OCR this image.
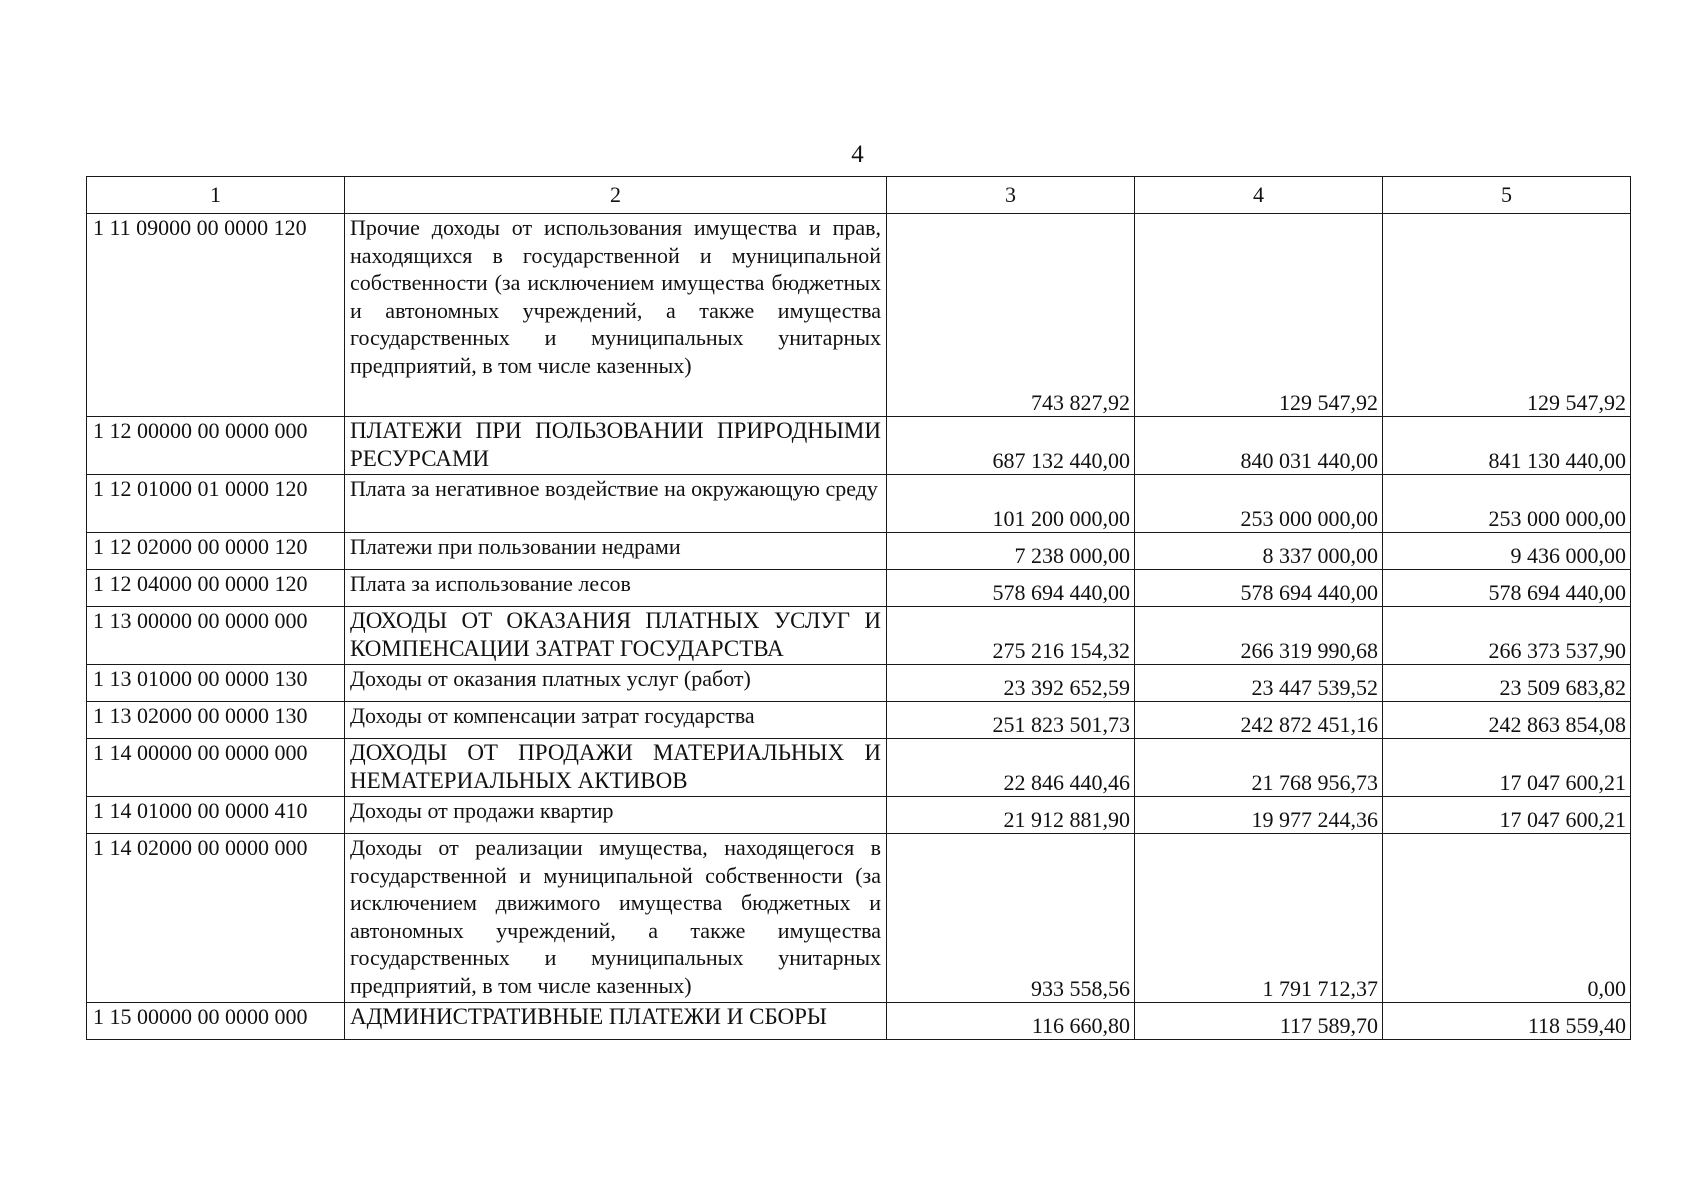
4
1	2	3	4	5
1 11 09000 00 0000 120	Прочие доходы от использования имущества и прав, находящихся в государственной и муниципальной собственности (за исключением имущества бюджетных и автономных учреждений, а также имущества государственных и муниципальных унитарных предприятий, в том числе казенных)	743 827,92	129 547,92	129 547,92
1 12 00000 00 0000 000	ПЛАТЕЖИ ПРИ ПОЛЬЗОВАНИИ ПРИРОДНЫМИ РЕСУРСАМИ	687 132 440,00	840 031 440,00	841 130 440,00
1 12 01000 01 0000 120	Плата за негативное воздействие на окружающую среду	101 200 000,00	253 000 000,00	253 000 000,00
1 12 02000 00 0000 120	Платежи при пользовании недрами	7 238 000,00	8 337 000,00	9 436 000,00
1 12 04000 00 0000 120	Плата за использование лесов	578 694 440,00	578 694 440,00	578 694 440,00
1 13 00000 00 0000 000	ДОХОДЫ ОТ ОКАЗАНИЯ ПЛАТНЫХ УСЛУГ И КОМПЕНСАЦИИ ЗАТРАТ ГОСУДАРСТВА	275 216 154,32	266 319 990,68	266 373 537,90
1 13 01000 00 0000 130	Доходы от оказания платных услуг (работ)	23 392 652,59	23 447 539,52	23 509 683,82
1 13 02000 00 0000 130	Доходы от компенсации затрат государства	251 823 501,73	242 872 451,16	242 863 854,08
1 14 00000 00 0000 000	ДОХОДЫ ОТ ПРОДАЖИ МАТЕРИАЛЬНЫХ И НЕМАТЕРИАЛЬНЫХ АКТИВОВ	22 846 440,46	21 768 956,73	17 047 600,21
1 14 01000 00 0000 410	Доходы от продажи квартир	21 912 881,90	19 977 244,36	17 047 600,21
1 14 02000 00 0000 000	Доходы от реализации имущества, находящегося в государственной и муниципальной собственности (за исключением движимого имущества бюджетных и автономных учреждений, а также имущества государственных и муниципальных унитарных предприятий, в том числе казенных)	933 558,56	1 791 712,37	0,00
1 15 00000 00 0000 000	АДМИНИСТРАТИВНЫЕ ПЛАТЕЖИ И СБОРЫ	116 660,80	117 589,70	118 559,40
